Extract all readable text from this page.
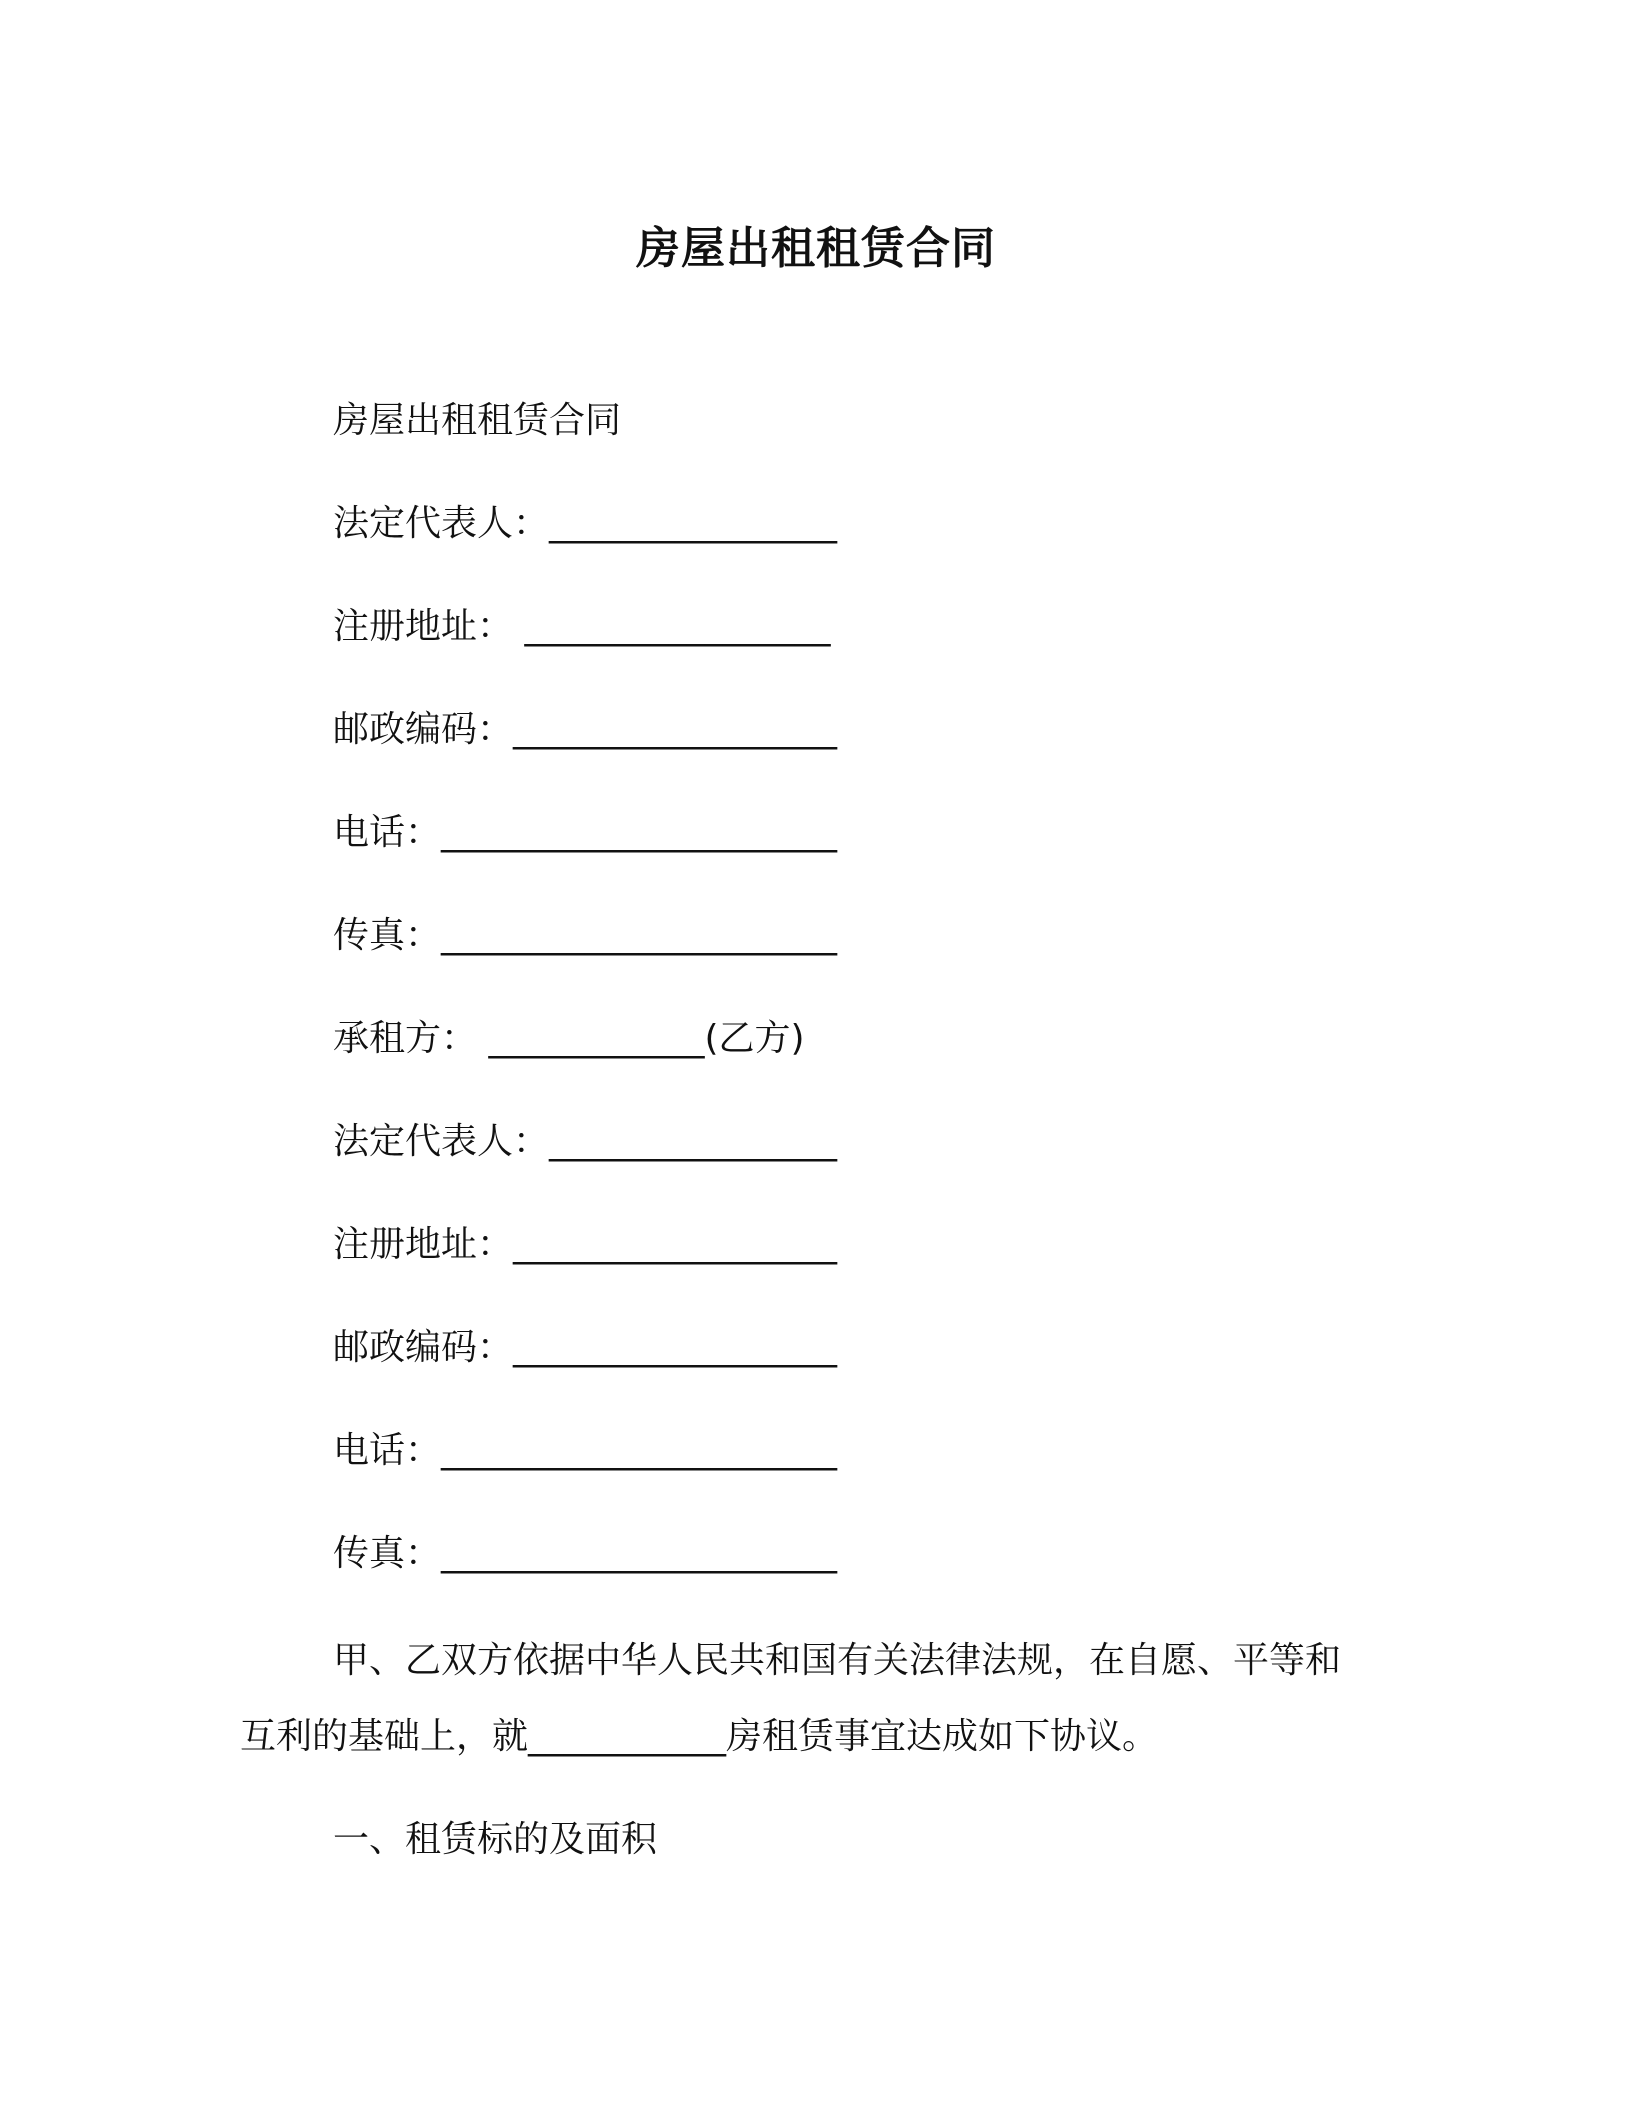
房屋出租租赁合同

房屋出租租赁合同

法定代表人：________________

注册地址： _________________

邮政编码：__________________

电话：______________________

传真：______________________

承租方： ____________(乙方)

法定代表人：________________

注册地址：__________________

邮政编码：__________________

电话：______________________

传真：______________________

甲、乙双方依据中华人民共和国有关法律法规，在自愿、平等和
互利的基础上，就___________房租赁事宜达成如下协议。

一、租赁标的及面积
